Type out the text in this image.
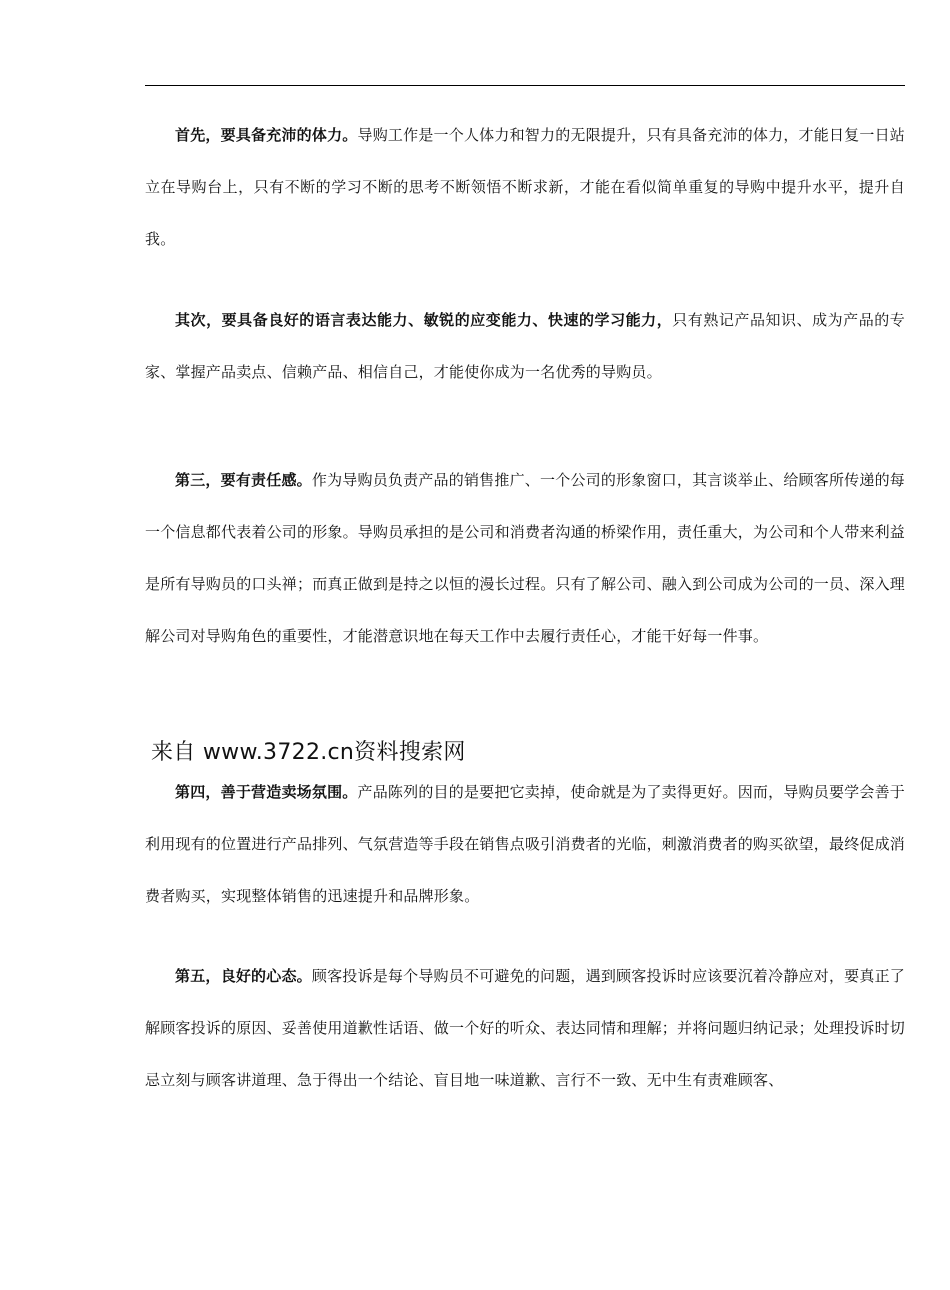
首先，要具备充沛的体力。导购工作是一个人体力和智力的无限提升，只有具备充沛的体力，才能日复一日站立在导购台上，只有不断的学习不断的思考不断领悟不断求新，才能在看似简单重复的导购中提升水平，提升自我。

其次，要具备良好的语言表达能力、敏锐的应变能力、快速的学习能力，只有熟记产品知识、成为产品的专家、掌握产品卖点、信赖产品、相信自己，才能使你成为一名优秀的导购员。

第三，要有责任感。作为导购员负责产品的销售推广、一个公司的形象窗口，其言谈举止、给顾客所传递的每一个信息都代表着公司的形象。导购员承担的是公司和消费者沟通的桥梁作用，责任重大，为公司和个人带来利益是所有导购员的口头禅；而真正做到是持之以恒的漫长过程。只有了解公司、融入到公司成为公司的一员、深入理解公司对导购角色的重要性，才能潜意识地在每天工作中去履行责任心，才能干好每一件事。

来自 www.3722.cn资料搜索网

第四，善于营造卖场氛围。产品陈列的目的是要把它卖掉，使命就是为了卖得更好。因而，导购员要学会善于利用现有的位置进行产品排列、气氛营造等手段在销售点吸引消费者的光临，刺激消费者的购买欲望，最终促成消费者购买，实现整体销售的迅速提升和品牌形象。

第五，良好的心态。顾客投诉是每个导购员不可避免的问题，遇到顾客投诉时应该要沉着冷静应对，要真正了解顾客投诉的原因、妥善使用道歉性话语、做一个好的听众、表达同情和理解；并将问题归纳记录；处理投诉时切忌立刻与顾客讲道理、急于得出一个结论、盲目地一味道歉、言行不一致、无中生有责难顾客、
